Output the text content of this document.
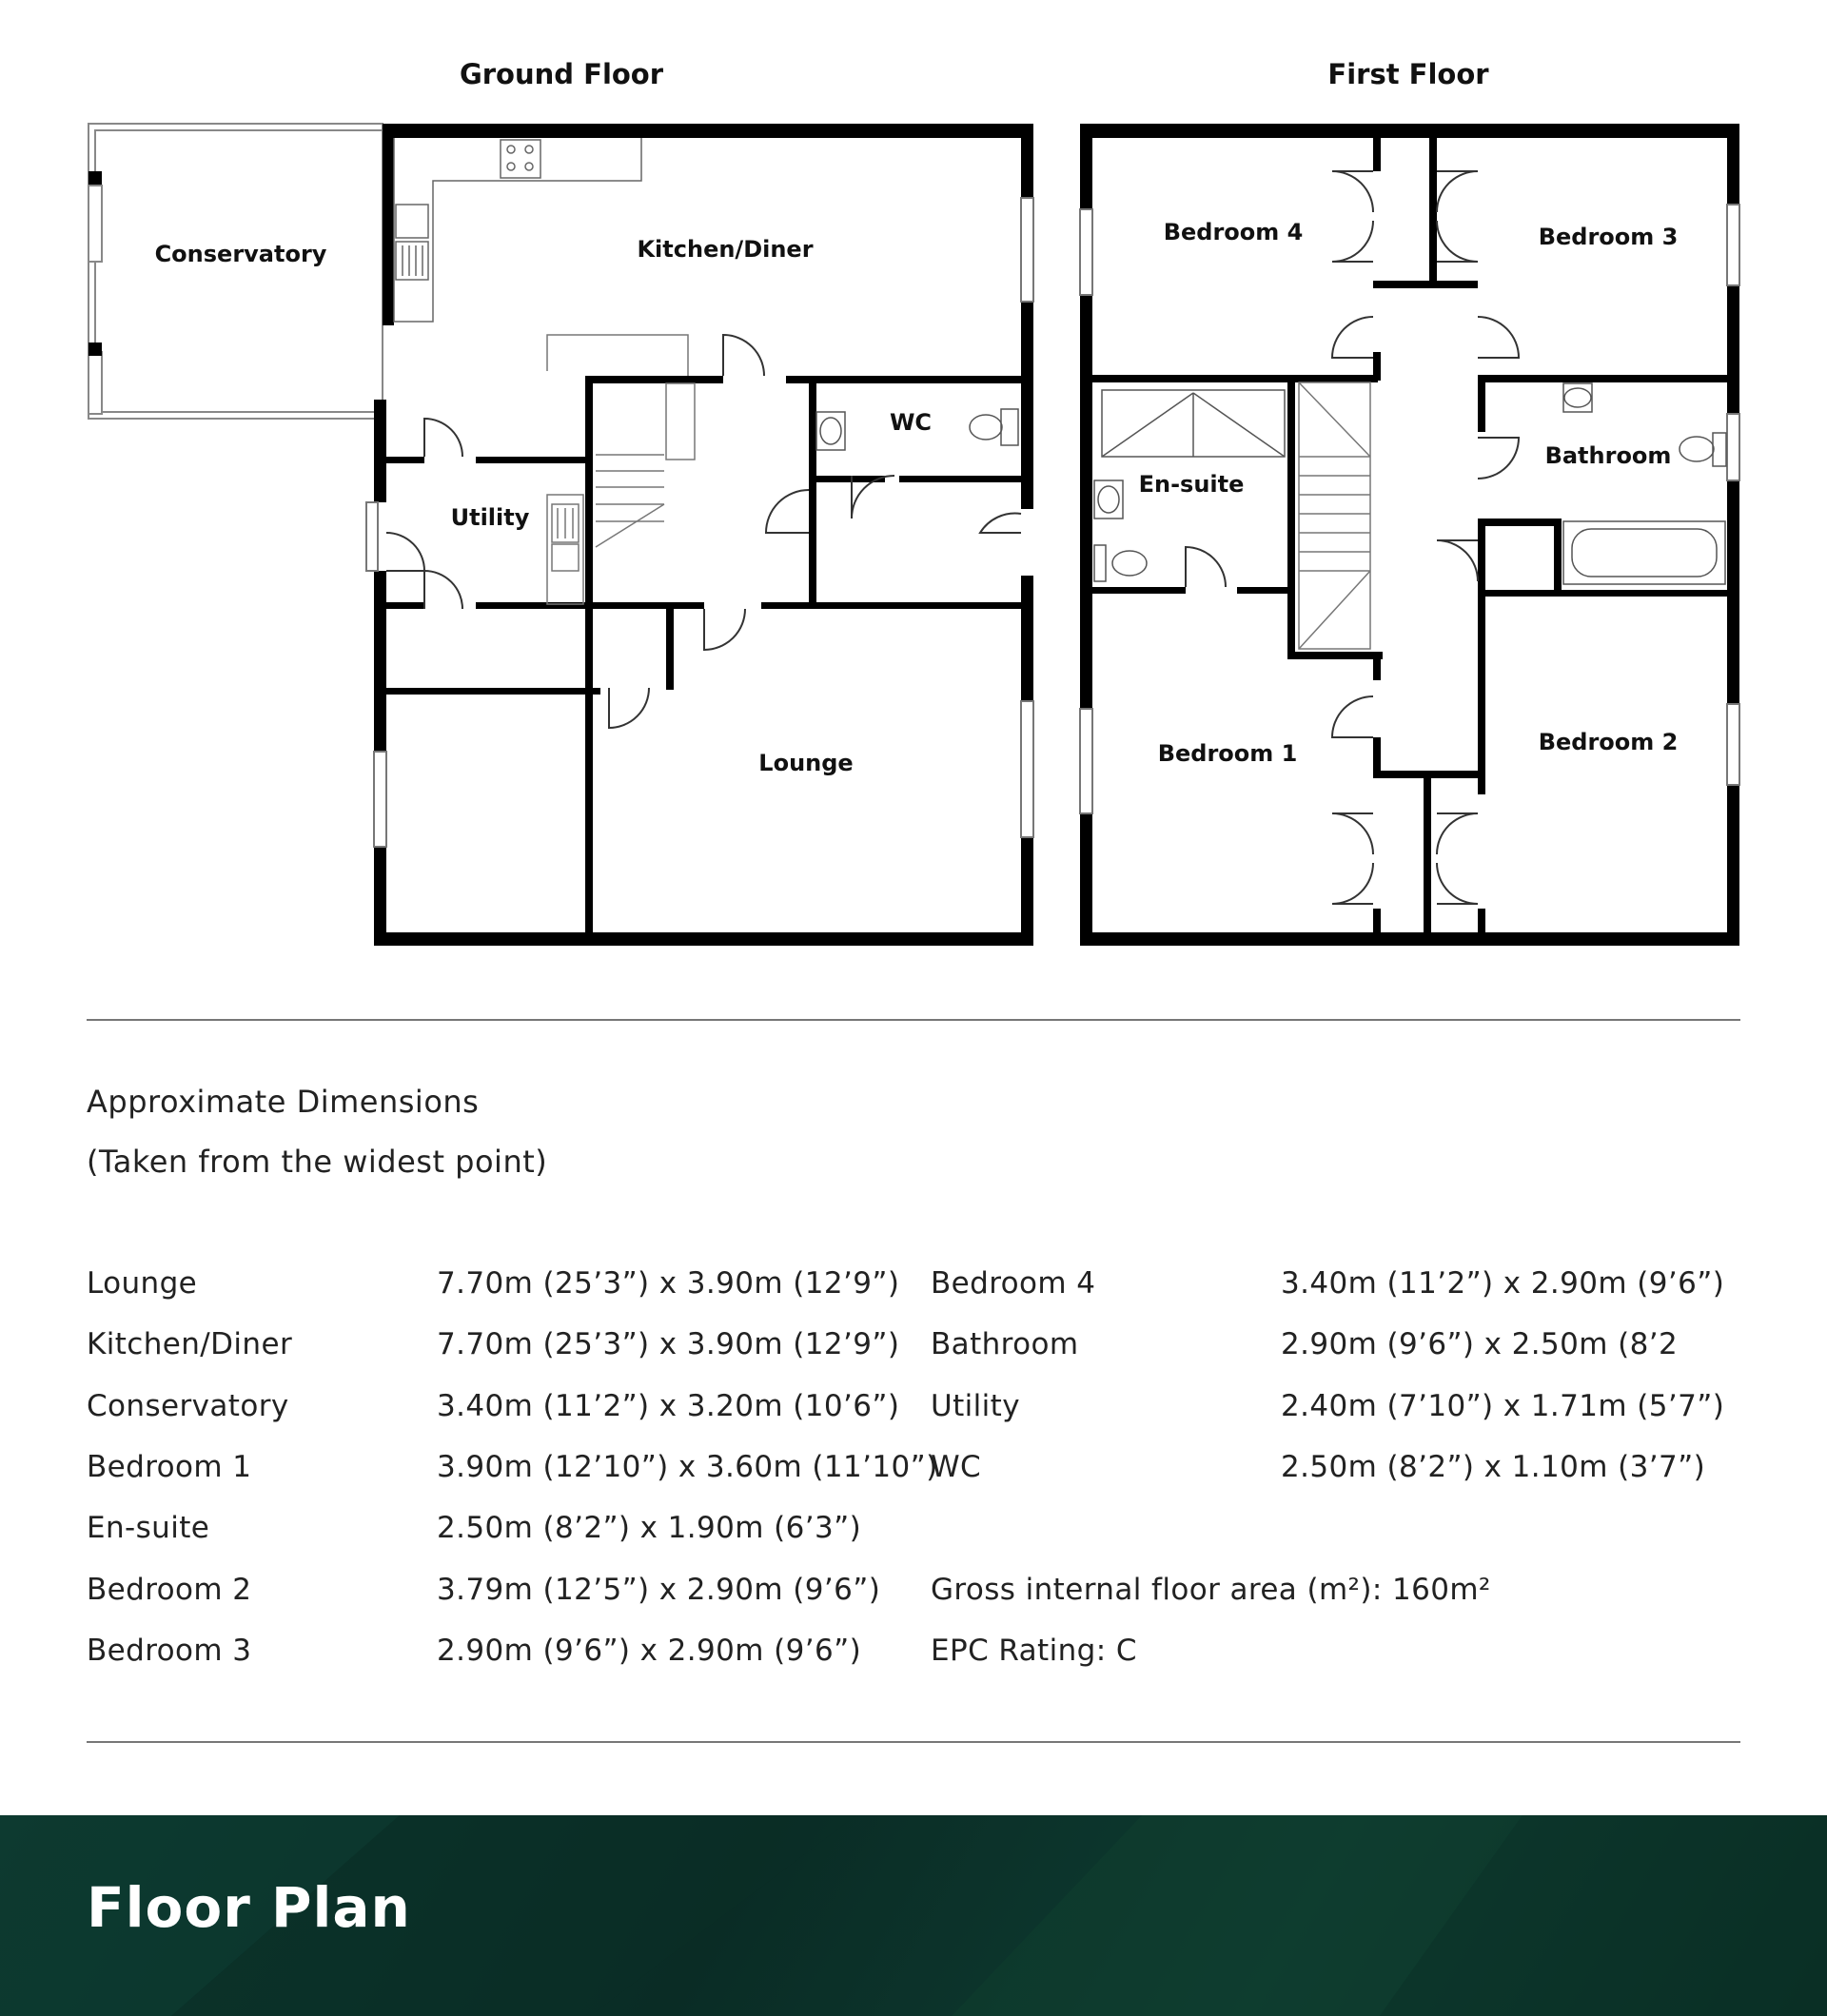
Ground Floor	First Floor
Conservatory	Kitchen/Diner
WC
Utility
Lounge
Bedroom 4	Bedroom 3
Bathroom
En-suite
Bedroom 1	Bedroom 2
Approximate Dimensions
(Taken from the widest point)
Lounge	7.70m (25’3”) x 3.90m (12’9”)
Kitchen/Diner	7.70m (25’3”) x 3.90m (12’9”)
Conservatory	3.40m (11’2”) x 3.20m (10’6”)
Bedroom 1	3.90m (12’10”) x 3.60m (11’10”)
En-suite	2.50m (8’2”) x 1.90m (6’3”)
Bedroom 2	3.79m (12’5”) x 2.90m (9’6”)
Bedroom 3	2.90m (9’6”) x 2.90m (9’6”)
Bedroom 4	3.40m (11’2”) x 2.90m (9’6”)
Bathroom	2.90m (9’6”) x 2.50m (8’2
Utility	2.40m (7’10”) x 1.71m (5’7”)
WC	2.50m (8’2”) x 1.10m (3’7”)
Gross internal floor area (m²): 160m²
EPC Rating: C
Floor Plan
